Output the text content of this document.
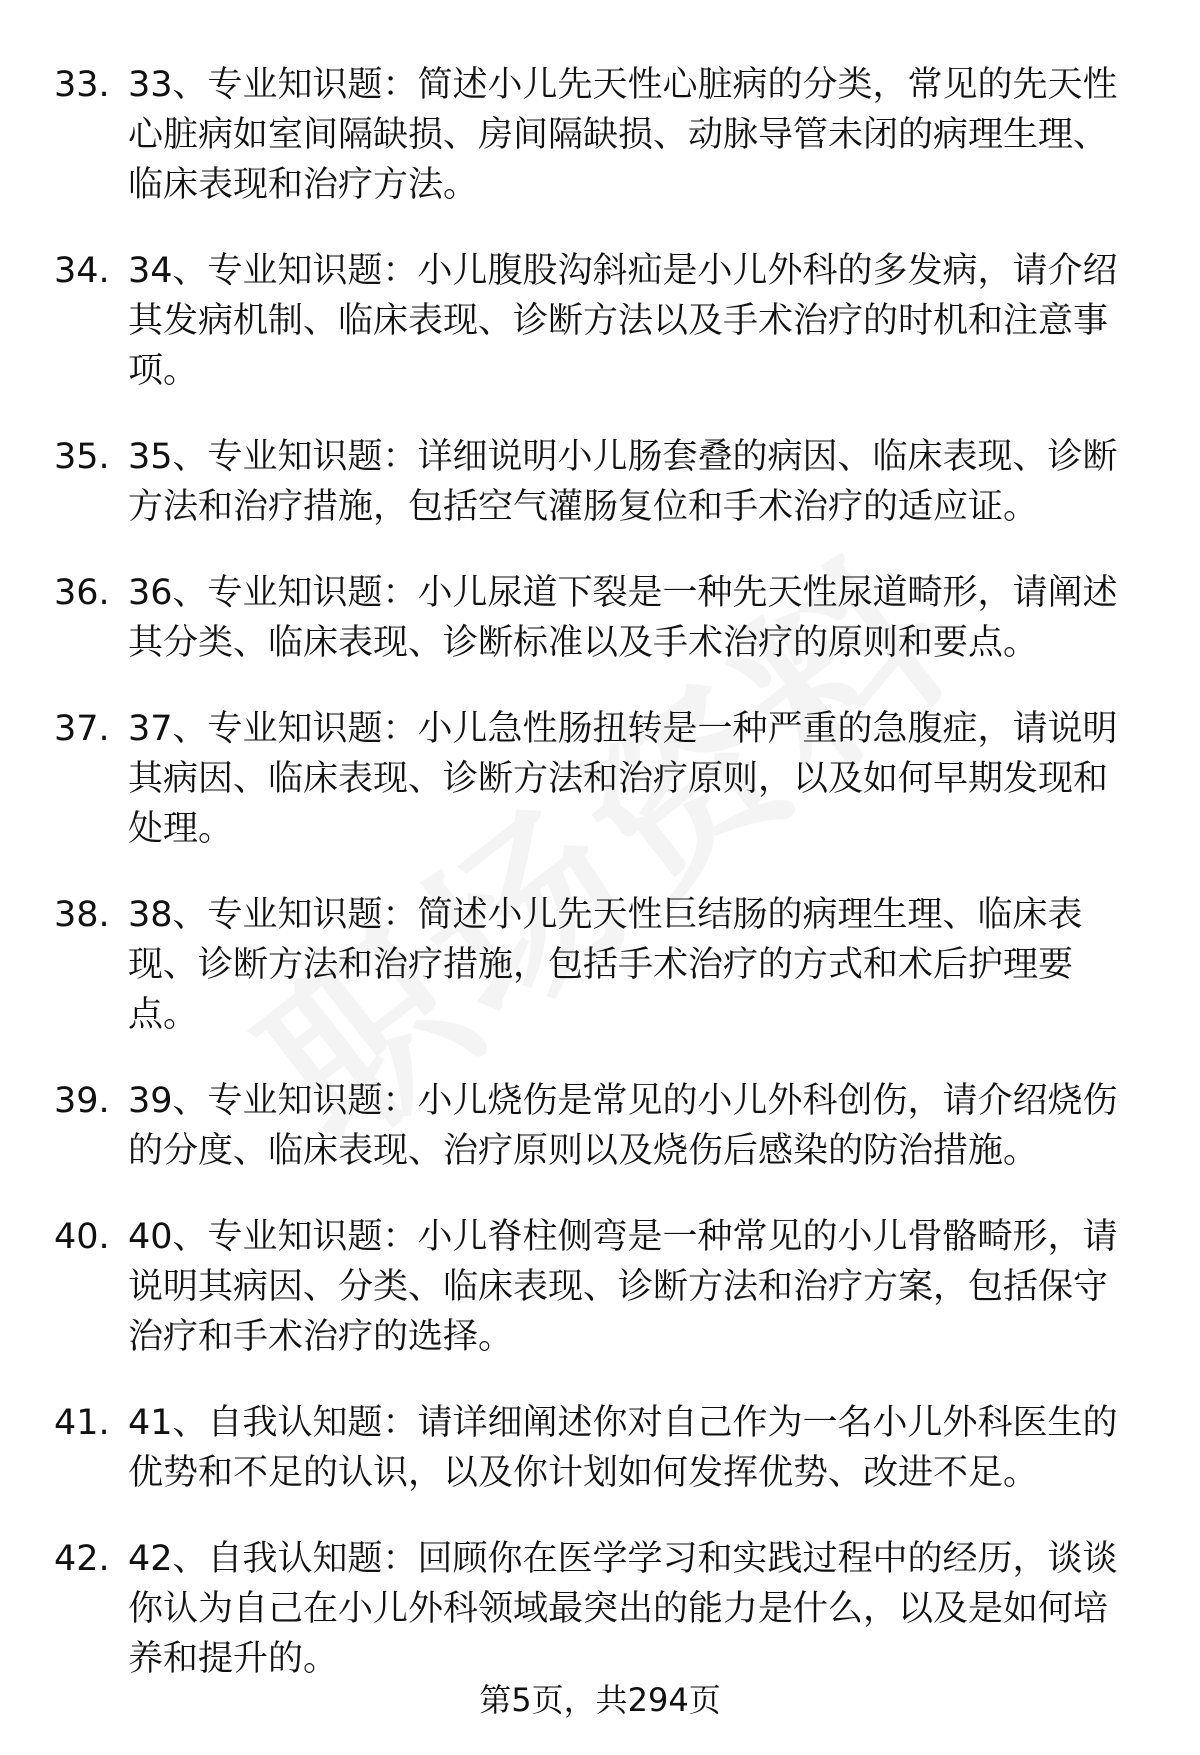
33. 33、专业知识题：简述小儿先天性心脏病的分类，常见的先天性心脏病如室间隔缺损、房间隔缺损、动脉导管未闭的病理生理、临床表现和治疗方法。
34. 34、专业知识题：小儿腹股沟斜疝是小儿外科的多发病，请介绍其发病机制、临床表现、诊断方法以及手术治疗的时机和注意事项。
35. 35、专业知识题：详细说明小儿肠套叠的病因、临床表现、诊断方法和治疗措施，包括空气灌肠复位和手术治疗的适应证。
36. 36、专业知识题：小儿尿道下裂是一种先天性尿道畸形，请阐述其分类、临床表现、诊断标准以及手术治疗的原则和要点。
37. 37、专业知识题：小儿急性肠扭转是一种严重的急腹症，请说明其病因、临床表现、诊断方法和治疗原则，以及如何早期发现和处理。
38. 38、专业知识题：简述小儿先天性巨结肠的病理生理、临床表现、诊断方法和治疗措施，包括手术治疗的方式和术后护理要点。
39. 39、专业知识题：小儿烧伤是常见的小儿外科创伤，请介绍烧伤的分度、临床表现、治疗原则以及烧伤后感染的防治措施。
40. 40、专业知识题：小儿脊柱侧弯是一种常见的小儿骨骼畸形，请说明其病因、分类、临床表现、诊断方法和治疗方案，包括保守治疗和手术治疗的选择。
41. 41、自我认知题：请详细阐述你对自己作为一名小儿外科医生的优势和不足的认识，以及你计划如何发挥优势、改进不足。
42. 42、自我认知题：回顾你在医学学习和实践过程中的经历，谈谈你认为自己在小儿外科领域最突出的能力是什么，以及是如何培养和提升的。
第5页，共294页
